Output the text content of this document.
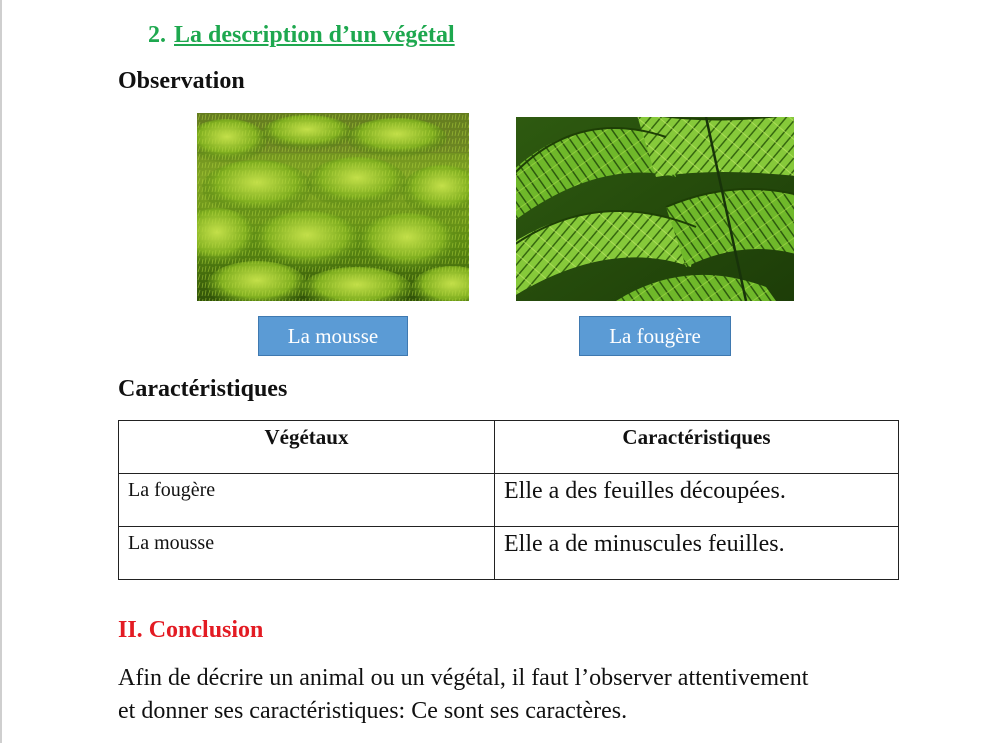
2. La description d’un végétal
Observation
La mousse	La fougère
Caractéristiques
Végétaux	Caractéristiques
La fougère	Elle a des feuilles découpées.
La mousse	Elle a de minuscules feuilles.
II. Conclusion
Afin de décrire un animal ou un végétal, il faut l’observer attentivement
et donner ses caractéristiques: Ce sont ses caractères.
